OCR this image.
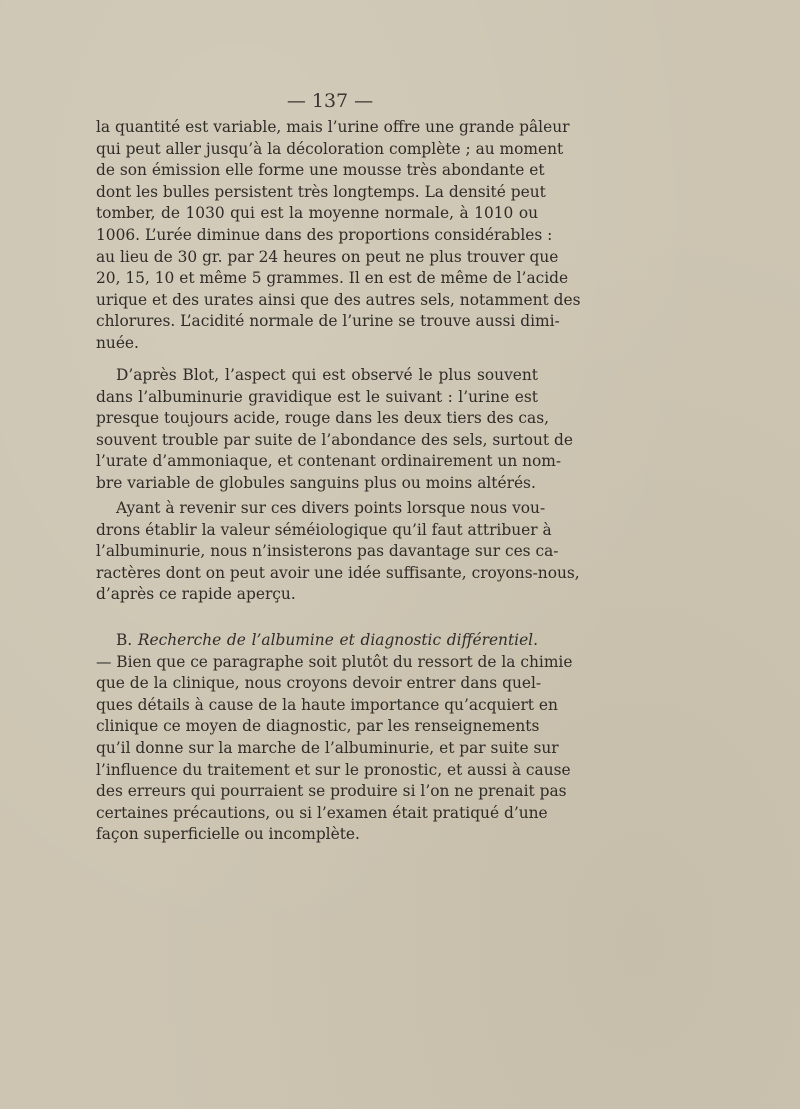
— 137 —
la quantité est variable, mais l’urine offre une grande pâleur
qui peut aller jusqu’à la décoloration complète ; au moment
de son émission elle forme une mousse très abondante et
dont les bulles persistent très longtemps. La densité peut
tomber, de 1030 qui est la moyenne normale, à 1010 ou
1006. L’urée diminue dans des proportions considérables :
au lieu de 30 gr. par 24 heures on peut ne plus trouver que
20, 15, 10 et même 5 grammes. Il en est de même de l’acide
urique et des urates ainsi que des autres sels, notamment des
chlorures. L’acidité normale de l’urine se trouve aussi dimi-
nuée.
D’après Blot, l’aspect qui est observé le plus souvent
dans l’albuminurie gravidique est le suivant : l’urine est
presque toujours acide, rouge dans les deux tiers des cas,
souvent trouble par suite de l’abondance des sels, surtout de
l’urate d’ammoniaque, et contenant ordinairement un nom-
bre variable de globules sanguins plus ou moins altérés.
Ayant à revenir sur ces divers points lorsque nous vou-
drons établir la valeur séméiologique qu’il faut attribuer à
l’albuminurie, nous n’insisterons pas davantage sur ces ca-
ractères dont on peut avoir une idée suffisante, croyons-nous,
d’après ce rapide aperçu.
B. Recherche de l’albumine et diagnostic différentiel.
— Bien que ce paragraphe soit plutôt du ressort de la chimie
que de la clinique, nous croyons devoir entrer dans quel-
ques détails à cause de la haute importance qu’acquiert en
clinique ce moyen de diagnostic, par les renseignements
qu’il donne sur la marche de l’albuminurie, et par suite sur
l’influence du traitement et sur le pronostic, et aussi à cause
des erreurs qui pourraient se produire si l’on ne prenait pas
certaines précautions, ou si l’examen était pratiqué d’une
façon superficielle ou incomplète.
